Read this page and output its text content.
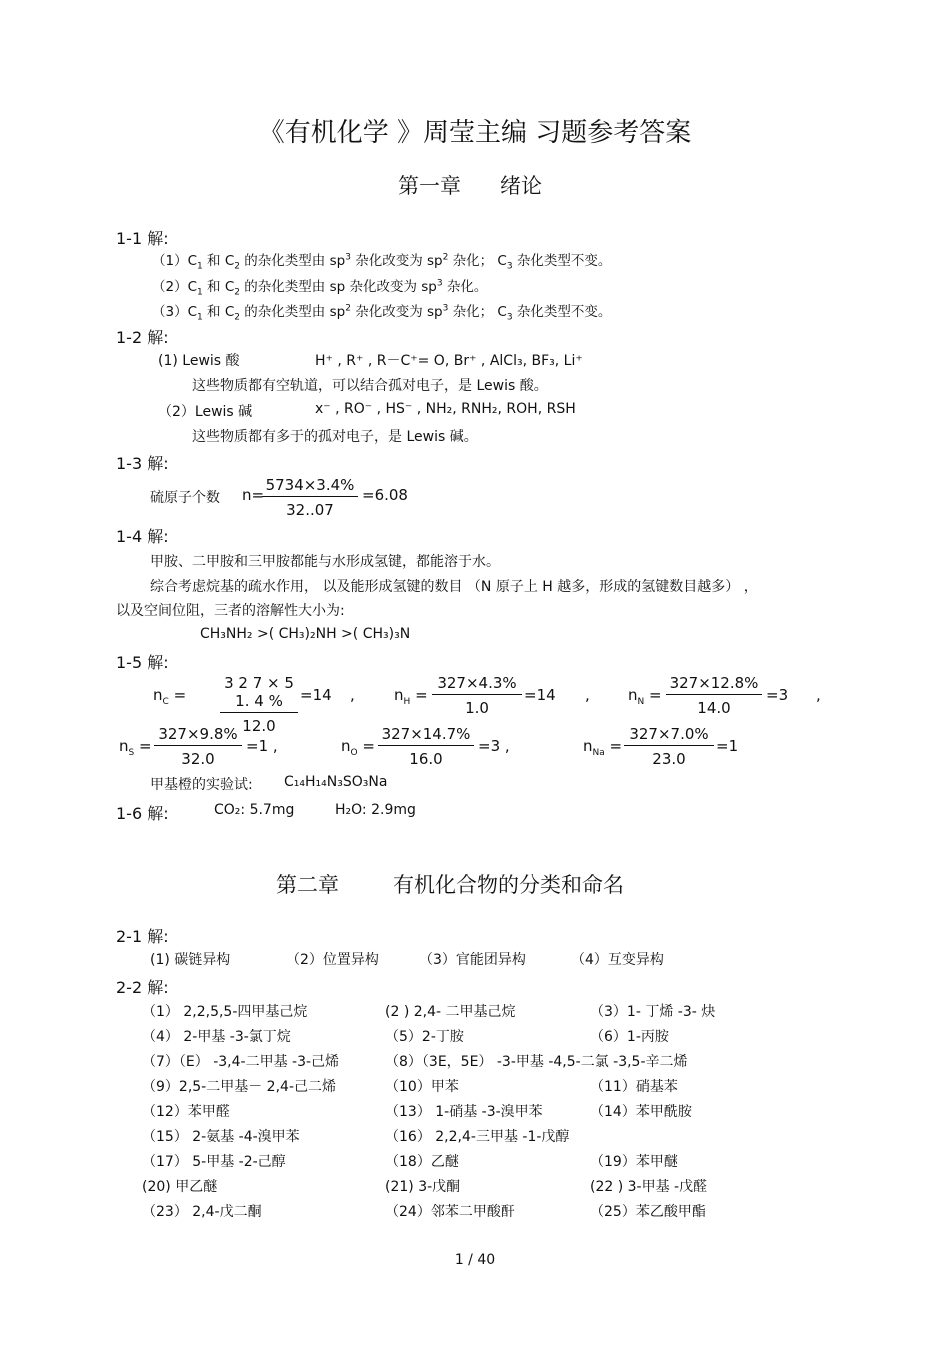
《有机化学 》周莹主编 习题参考答案
第一章 绪论
1-1 解:
$(1)C_1$ 和 $C_2$ 的杂化类型由 $sp^3$ 杂化改变为 $sp^2$ 杂化； $C_3$ 杂化类型不变。
$(2)C_1$ 和 $C_2$ 的杂化类型由 sp 杂化改变为 $sp^3$ 杂化。
$(3)C_1$ 和 $C_2$ 的杂化类型由 $sp^2$ 杂化改变为 $sp^3$ 杂化； $C_3$ 杂化类型不变。
1-2 解:
(1) Lewis 酸	H⁺ , R⁺ , R－C⁺= O, Br⁺ , AlCl₃, BF₃, Li⁺
这些物质都有空轨道，可以结合孤对电子，是 Lewis 酸。
（2）Lewis 碱	x⁻ , RO⁻ , HS⁻ , NH₂, RNH₂, ROH, RSH
这些物质都有多于的孤对电子，是 Lewis 碱。
1-3 解:
硫原子个数 n=
$\frac{5734\times 3.4\%}{32..07} =6.08$
1-4 解:
甲胺、二甲胺和三甲胺都能与水形成氢键，都能溶于水。
综合考虑烷基的疏水作用， 以及能形成氢键的数目 （N 原子上 H 越多，形成的氢键数目越多） ，
以及空间位阻，三者的溶解性大小为:
CH₃NH₂ >( CH₃)₂NH >( CH₃)₃N
1-5 解:
$n_C = \frac{3 2 7 \times 5 1. 4 \%}{12.0} =14$ ,	$n_H = \frac{327\times 4.3\%}{1.0} =14$ ,	$n_N = \frac{327\times 12.8\%}{14.0} =3$ ,
$n_S = \frac{327\times 9.8\%}{32.0} =1$ ,	$n_O = \frac{327\times 14.7\%}{16.0} =3$ ,	$n_{Na} = \frac{327\times 7.0\%}{23.0} =1$
甲基橙的实验试: C₁₄H₁₄N₃SO₃Na
1-6 解:	CO₂: 5.7mg	H₂O: 2.9mg
第二章	有机化合物的分类和命名
2-1 解:
(1) 碳链异构	（2）位置异构	（3）官能团异构	（4）互变异构
2-2 解:
（1） 2,2,5,5-四甲基己烷	(2 ) 2,4- 二甲基己烷	（3）1- 丁烯 -3- 炔
（4） 2-甲基 -3-氯丁烷	（5）2-丁胺	（6）1-丙胺
（7）（E） -3,4-二甲基 -3-己烯	（8）（3E，5E） -3-甲基 -4,5-二氯 -3,5-辛二烯
（9）2,5-二甲基－ 2,4-己二烯	（10）甲苯	（11）硝基苯
（12）苯甲醛	（13） 1-硝基 -3-溴甲苯	（14）苯甲酰胺
（15） 2-氨基 -4-溴甲苯	（16） 2,2,4-三甲基 -1-戊醇
（17） 5-甲基 -2-己醇	（18）乙醚	（19）苯甲醚
(20) 甲乙醚	(21) 3-戊酮	(22 ) 3-甲基 -戊醛
（23） 2,4-戊二酮	（24）邻苯二甲酸酐	（25）苯乙酸甲酯
1 / 40
